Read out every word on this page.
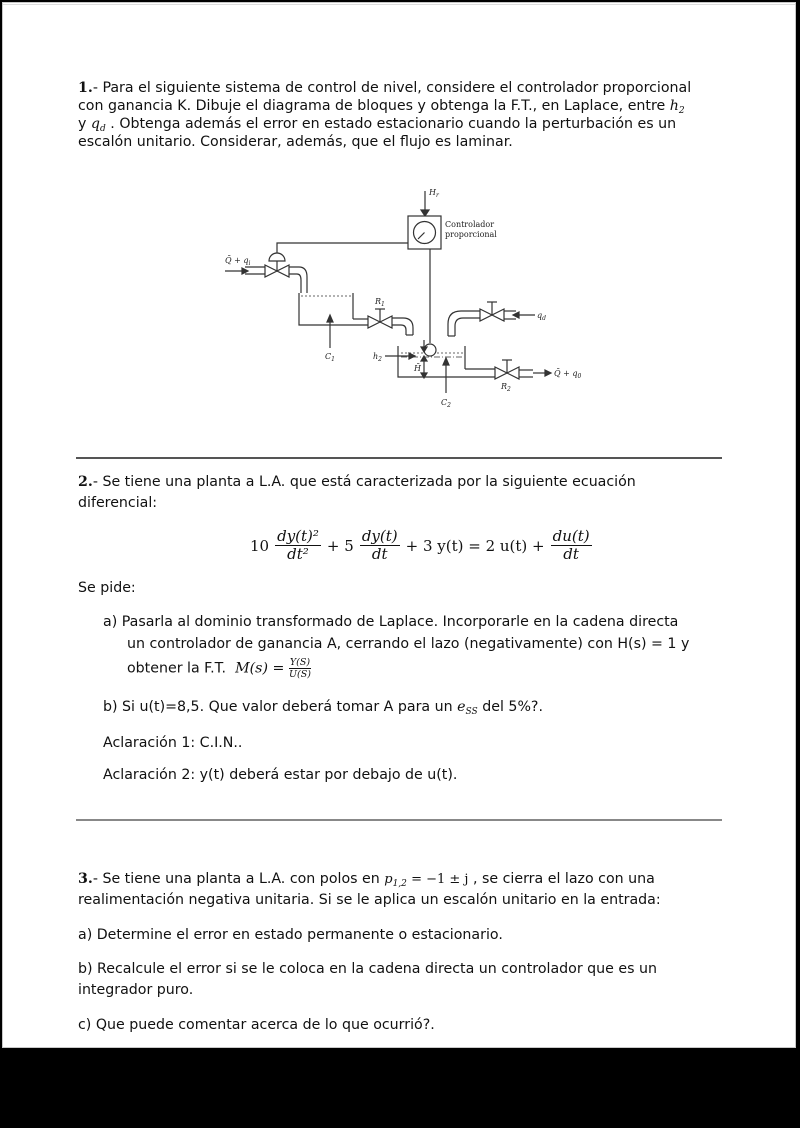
1.- Para el siguiente sistema de control de nivel, considere el controlador proporcional
con ganancia K. Dibuje el diagrama de bloques y obtenga la F.T., en Laplace, entre $h_2$
y $q_d$ . Obtenga además el error en estado estacionario cuando la perturbación es un
escalón unitario. Considerar, además, que el flujo es laminar.
$H_r$
Controlador
proporcional
Q̄ + $q_i$
$R_1$
$C_1$	$h_2$
H̄
$C_2$
$R_2$
$q_d$
Q̄ + $q_0$
2.- Se tiene una planta a L.A. que está caracterizada por la siguiente ecuación
diferencial:
$10 \frac{\text{dy(t)²}}{\text{dt²}} + 5 \frac{dy(t)}{dt} + 3$ y(t) = 2 $u(t) + \frac{du(t)}{dt}$
Se pide:
a) Pasarla al dominio transformado de Laplace. Incorporarle en la cadena directa
un controlador de ganancia A, cerrando el lazo (negativamente) con H(s) = 1 y
obtener la F.T. $M(s) = \frac{Y(S)}{U(S)}$
b) Si u(t)=8,5. Que valor deberá tomar A para un $e_{SS}$ del 5%?.
Aclaración 1: C.I.N..
Aclaración 2: y(t) deberá estar por debajo de u(t).
3.- Se tiene una planta a L.A. con polos en $p_{1,2} = -1 \pm j$ , se cierra el lazo con una
realimentación negativa unitaria. Si se le aplica un escalón unitario en la entrada:
a) Determine el error en estado permanente o estacionario.
b) Recalcule el error si se le coloca en la cadena directa un controlador que es un
integrador puro.
c) Que puede comentar acerca de lo que ocurrió?.
